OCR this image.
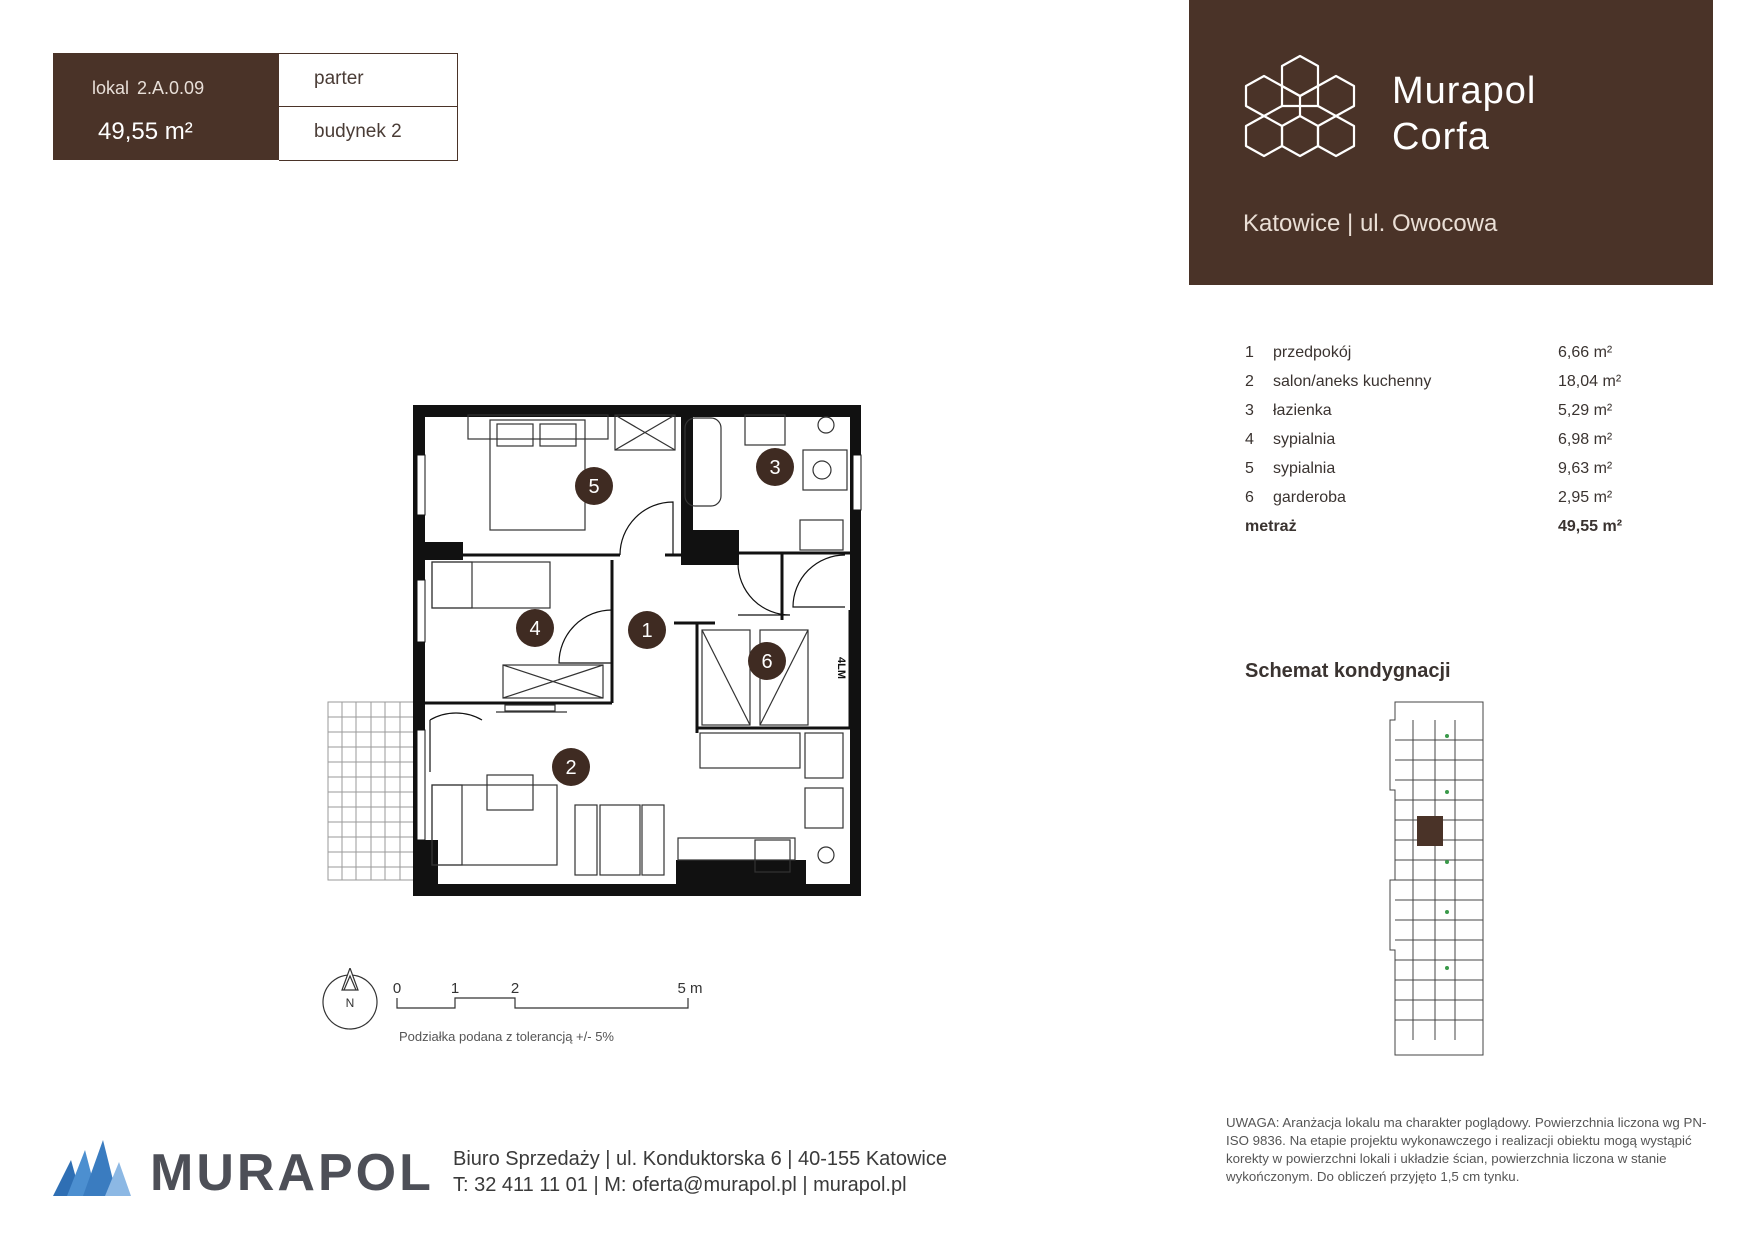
lokal 2.A.0.09
49,55 m²
parter
budynek 2
Murapol
Corfa
Katowice | ul. Owocowa
1 przedpokój	6,66 m²
2 salon/aneks kuchenny	18,04 m²
3 łazienka	5,29 m²
4 sypialnia	6,98 m²
5 sypialnia	9,63 m²
6 garderoba	2,95 m²
metraż	49,55 m²
4LM
5
3
4	1
6
2
N
0	1	2	5 m
Podziałka podana z tolerancją +/- 5%
Schemat kondygnacji
UWAGA: Aranżacja lokalu ma charakter poglądowy. Powierzchnia liczona wg PN-ISO 9836. Na etapie projektu wykonawczego i realizacji obiektu mogą wystąpić korekty w powierzchni lokali i układzie ścian, powierzchnia liczona w stanie wykończonym. Do obliczeń przyjęto 1,5 cm tynku.
MURAPOL Biuro Sprzedaży | ul. Konduktorska 6 | 40-155 Katowice
T: 32 411 11 01 | M: oferta@murapol.pl | murapol.pl
